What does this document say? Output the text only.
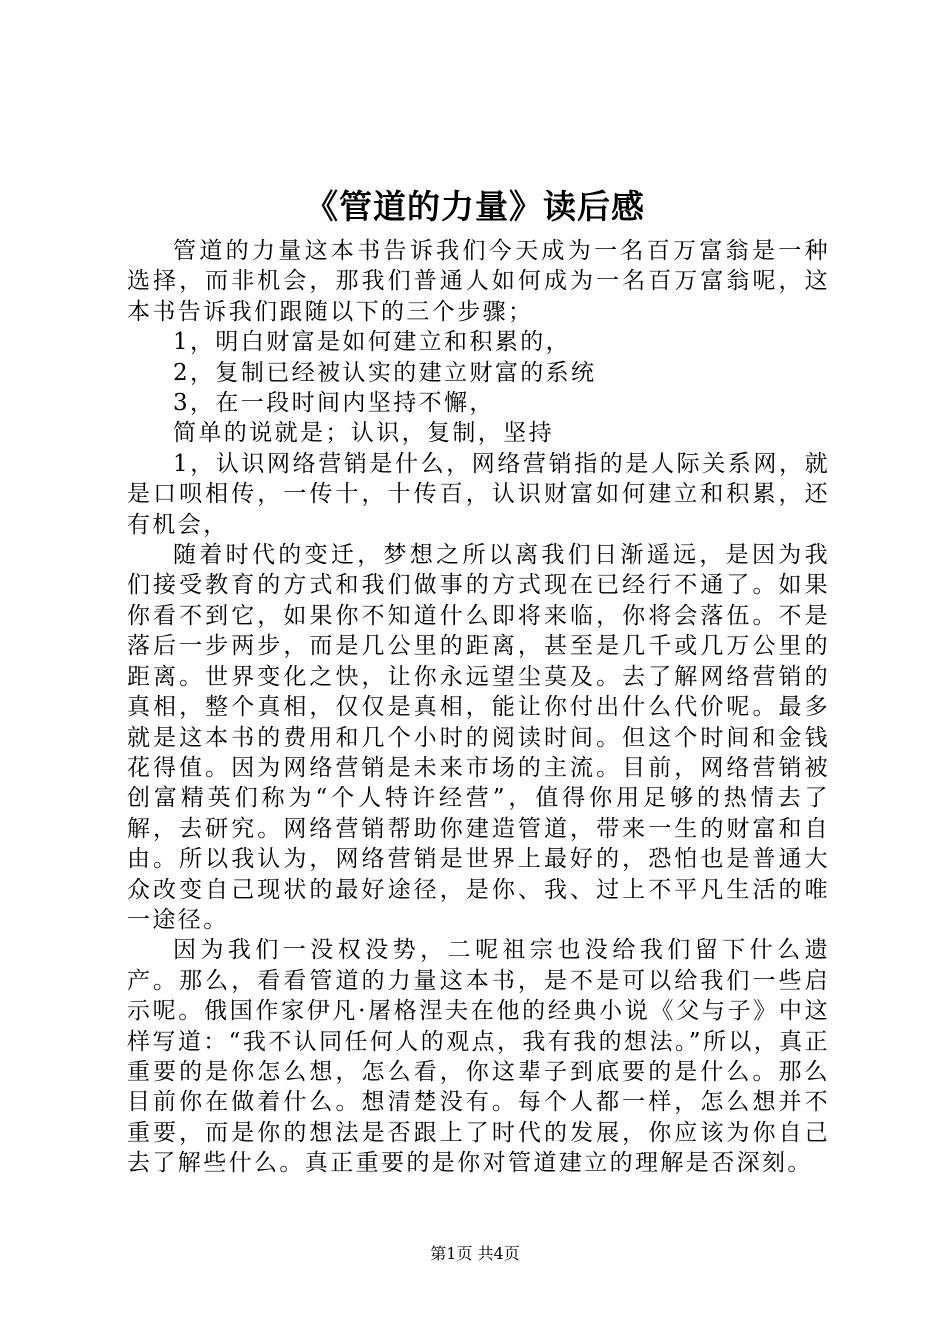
《管道的力量》读后感

管道的力量这本书告诉我们今天成为一名百万富翁是一种选择，而非机会，那我们普通人如何成为一名百万富翁呢，这本书告诉我们跟随以下的三个步骤；

1，明白财富是如何建立和积累的，

2，复制已经被认实的建立财富的系统

3，在一段时间内坚持不懈，

简单的说就是；认识，复制，坚持

1，认识网络营销是什么，网络营销指的是人际关系网，就是口呗相传，一传十，十传百，认识财富如何建立和积累，还有机会，

随着时代的变迁，梦想之所以离我们日渐遥远，是因为我们接受教育的方式和我们做事的方式现在已经行不通了。如果你看不到它，如果你不知道什么即将来临，你将会落伍。不是落后一步两步，而是几公里的距离，甚至是几千或几万公里的距离。世界变化之快，让你永远望尘莫及。去了解网络营销的真相，整个真相，仅仅是真相，能让你付出什么代价呢。最多就是这本书的费用和几个小时的阅读时间。但这个时间和金钱花得值。因为网络营销是未来市场的主流。目前，网络营销被创富精英们称为“个人特许经营”，值得你用足够的热情去了解，去研究。网络营销帮助你建造管道，带来一生的财富和自由。所以我认为，网络营销是世界上最好的，恐怕也是普通大众改变自己现状的最好途径，是你、我、过上不平凡生活的唯一途径。

因为我们一没权没势，二呢祖宗也没给我们留下什么遗产。那么，看看管道的力量这本书，是不是可以给我们一些启示呢。俄国作家伊凡·屠格涅夫在他的经典小说《父与子》中这样写道：“我不认同任何人的观点，我有我的想法。”所以，真正重要的是你怎么想，怎么看，你这辈子到底要的是什么。那么目前你在做着什么。想清楚没有。每个人都一样，怎么想并不重要，而是你的想法是否跟上了时代的发展，你应该为你自己去了解些什么。真正重要的是你对管道建立的理解是否深刻。

第1页 共4页
